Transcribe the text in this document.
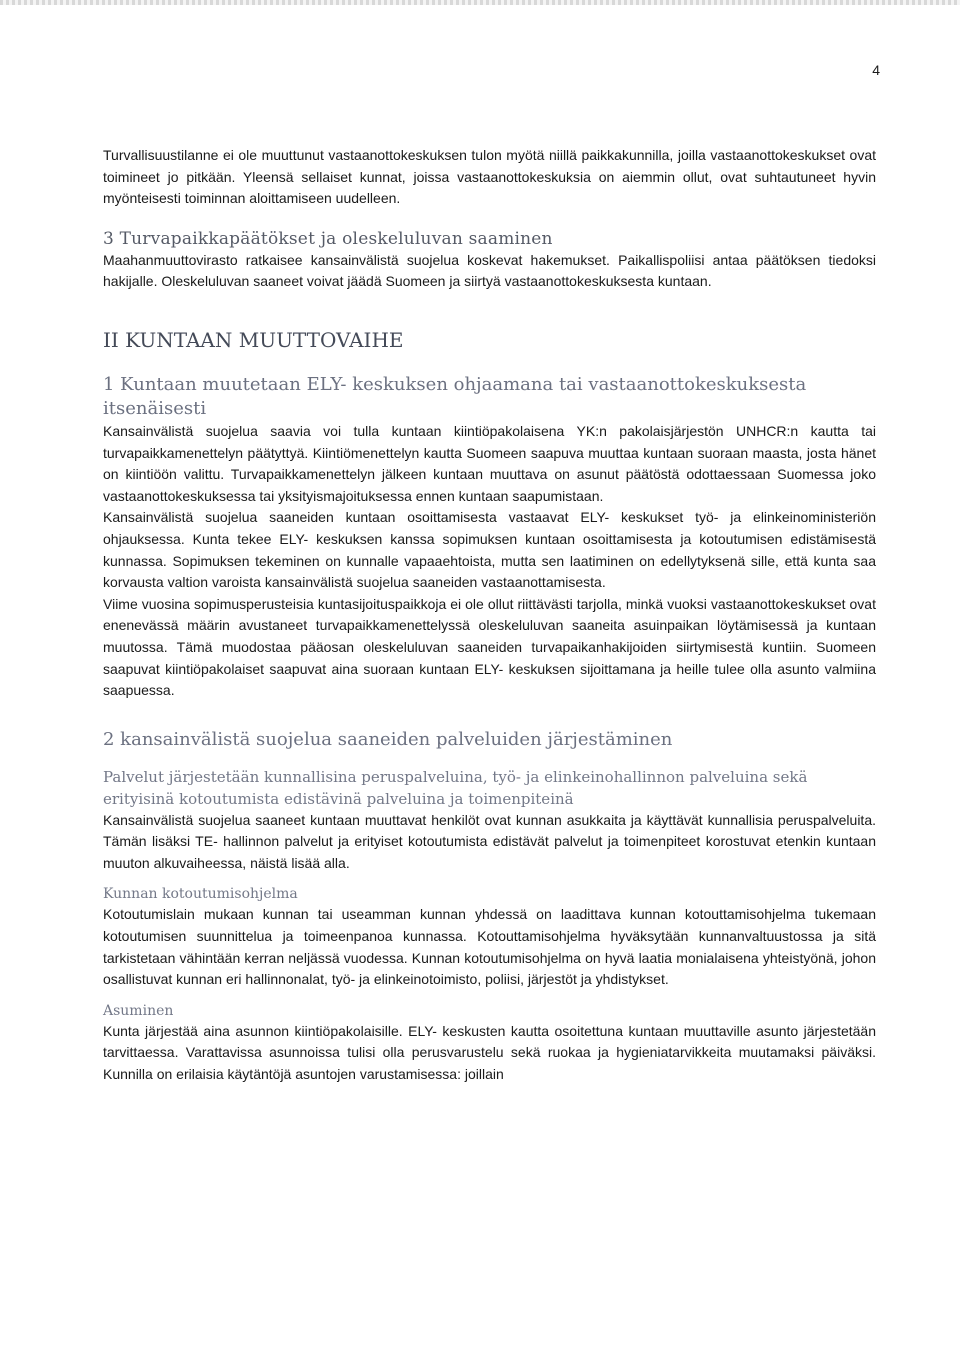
4

Turvallisuustilanne ei ole muuttunut vastaanottokeskuksen tulon myötä niillä paikkakunnilla, joilla vastaanottokeskukset ovat toimineet jo pitkään. Yleensä sellaiset kunnat, joissa vastaanottokeskuksia on aiemmin ollut, ovat suhtautuneet hyvin myönteisesti toiminnan aloittamiseen uudelleen.

3 Turvapaikkapäätökset ja oleskeluluvan saaminen

Maahanmuuttovirasto ratkaisee kansainvälistä suojelua koskevat hakemukset. Paikallispoliisi antaa päätöksen tiedoksi hakijalle. Oleskeluluvan saaneet voivat jäädä Suomeen ja siirtyä vastaanottokeskuksesta kuntaan.

II KUNTAAN MUUTTOVAIHE
1 Kuntaan muutetaan ELY- keskuksen ohjaamana tai vastaanottokeskuksesta itsenäisesti

Kansainvälistä suojelua saavia voi tulla kuntaan kiintiöpakolaisena YK:n pakolaisjärjestön UNHCR:n kautta tai turvapaikkamenettelyn päätyttyä. Kiintiömenettelyn kautta Suomeen saapuva muuttaa kuntaan suoraan maasta, josta hänet on kiintiöön valittu. Turvapaikkamenettelyn jälkeen kuntaan muuttava on asunut päätöstä odottaessaan Suomessa joko vastaanottokeskuksessa tai yksityismajoituksessa ennen kuntaan saapumistaan.

Kansainvälistä suojelua saaneiden kuntaan osoittamisesta vastaavat ELY- keskukset työ- ja elinkeinoministeriön ohjauksessa. Kunta tekee ELY- keskuksen kanssa sopimuksen kuntaan osoittamisesta ja kotoutumisen edistämisestä kunnassa. Sopimuksen tekeminen on kunnalle vapaaehtoista, mutta sen laatiminen on edellytyksenä sille, että kunta saa korvausta valtion varoista kansainvälistä suojelua saaneiden vastaanottamisesta.

Viime vuosina sopimusperusteisia kuntasijoituspaikkoja ei ole ollut riittävästi tarjolla, minkä vuoksi vastaanottokeskukset ovat enenevässä määrin avustaneet turvapaikkamenettelyssä oleskeluluvan saaneita asuinpaikan löytämisessä ja kuntaan muutossa. Tämä muodostaa pääosan oleskeluluvan saaneiden turvapaikanhakijoiden siirtymisestä kuntiin. Suomeen saapuvat kiintiöpakolaiset saapuvat aina suoraan kuntaan ELY- keskuksen sijoittamana ja heille tulee olla asunto valmiina saapuessa.

2 kansainvälistä suojelua saaneiden palveluiden järjestäminen
Palvelut järjestetään kunnallisina peruspalveluina, työ- ja elinkeinohallinnon palveluina sekä erityisinä kotoutumista edistävinä palveluina ja toimenpiteinä

Kansainvälistä suojelua saaneet kuntaan muuttavat henkilöt ovat kunnan asukkaita ja käyttävät kunnallisia peruspalveluita. Tämän lisäksi TE- hallinnon palvelut ja erityiset kotoutumista edistävät palvelut ja toimenpiteet korostuvat etenkin kuntaan muuton alkuvaiheessa, näistä lisää alla.

Kunnan kotoutumisohjelma

Kotoutumislain mukaan kunnan tai useamman kunnan yhdessä on laadittava kunnan kotouttamisohjelma tukemaan kotoutumisen suunnittelua ja toimeenpanoa kunnassa. Kotouttamisohjelma hyväksytään kunnanvaltuustossa ja sitä tarkistetaan vähintään kerran neljässä vuodessa. Kunnan kotoutumisohjelma on hyvä laatia monialaisena yhteistyönä, johon osallistuvat kunnan eri hallinnonalat, työ- ja elinkeinotoimisto, poliisi, järjestöt ja yhdistykset.

Asuminen

Kunta järjestää aina asunnon kiintiöpakolaisille. ELY- keskusten kautta osoitettuna kuntaan muuttaville asunto järjestetään tarvittaessa. Varattavissa asunnoissa tulisi olla perusvarustelu sekä ruokaa ja hygieniatarvikkeita muutamaksi päiväksi. Kunnilla on erilaisia käytäntöjä asuntojen varustamisessa: joillain
